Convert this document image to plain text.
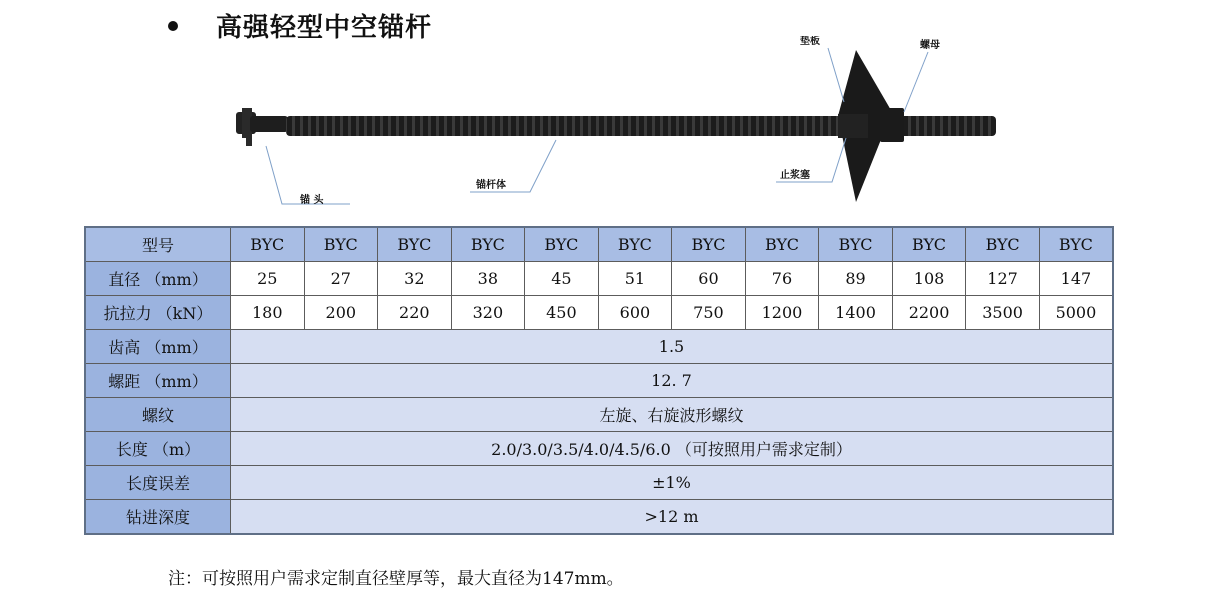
高强轻型中空锚杆	垫板	螺母
锚 头
锚杆体
止浆塞
型号	BYC	BYC	BYC	BYC	BYC	BYC	BYC	BYC	BYC	BYC	BYC	BYC
直径 （mm）	25	27	32	38	45	51	60	76	89	108	127	147
抗拉力 （kN）	180	200	220	320	450	600	750	1200	1400	2200	3500	5000
齿高 （mm）	1.5											
螺距 （mm）	12. 7											
螺纹	左旋、右旋波形螺纹											
长度 （m）	2.0/3.0/3.5/4.0/4.5/6.0 （可按照用户需求定制）											
长度误差	±1%											
钻进深度	>12 m											
注：可按照用户需求定制直径壁厚等，最大直径为147mm。
